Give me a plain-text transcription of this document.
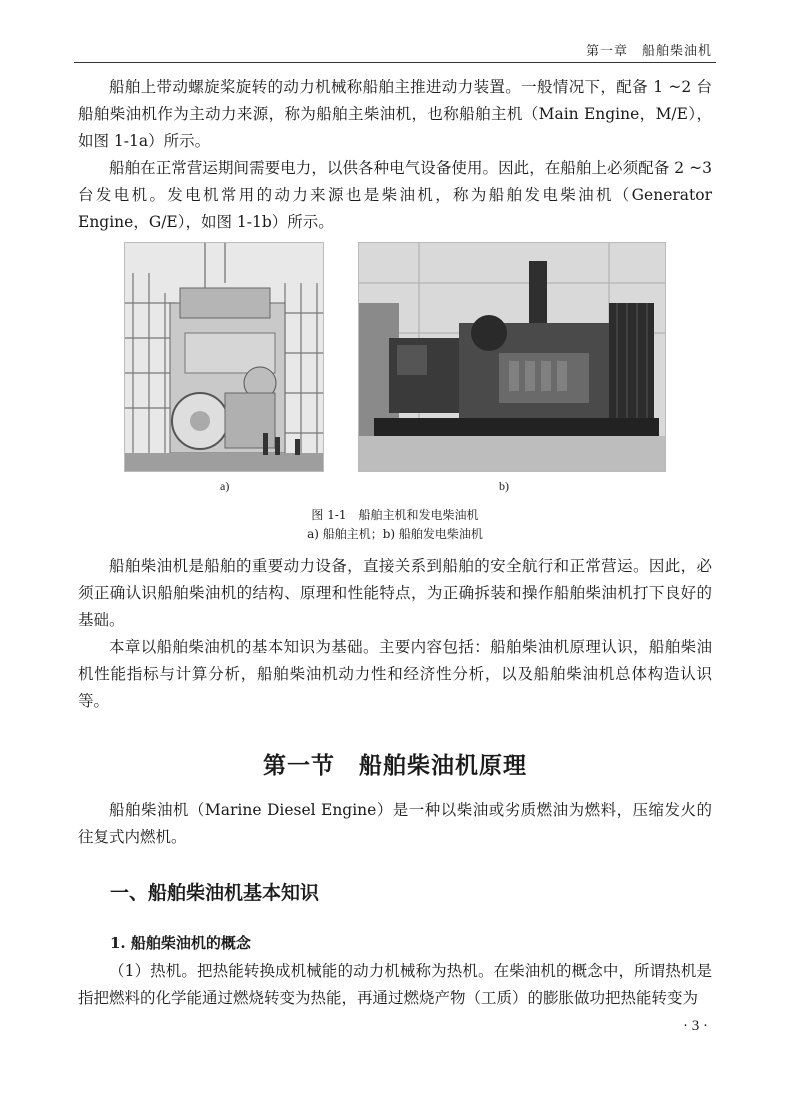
第一章　船舶柴油机

船舶上带动螺旋桨旋转的动力机械称船舶主推进动力装置。一般情况下，配备 1 ~2 台船舶柴油机作为主动力来源，称为船舶主柴油机，也称船舶主机（Main Engine，M/E），如图 1-1a）所示。

船舶在正常营运期间需要电力，以供各种电气设备使用。因此，在船舶上必须配备 2 ~3 台发电机。发电机常用的动力来源也是柴油机，称为船舶发电柴油机（Generator Engine，G/E），如图 1-1b）所示。

a)	b)

图 1-1　船舶主机和发电柴油机

a) 船舶主机；b) 船舶发电柴油机

船舶柴油机是船舶的重要动力设备，直接关系到船舶的安全航行和正常营运。因此，必须正确认识船舶柴油机的结构、原理和性能特点，为正确拆装和操作船舶柴油机打下良好的基础。

本章以船舶柴油机的基本知识为基础。主要内容包括：船舶柴油机原理认识，船舶柴油机性能指标与计算分析，船舶柴油机动力性和经济性分析，以及船舶柴油机总体构造认识等。

第一节　船舶柴油机原理

船舶柴油机（Marine Diesel Engine）是一种以柴油或劣质燃油为燃料，压缩发火的往复式内燃机。

一、船舶柴油机基本知识
1. 船舶柴油机的概念

（1）热机。把热能转换成机械能的动力机械称为热机。在柴油机的概念中，所谓热机是指把燃料的化学能通过燃烧转变为热能，再通过燃烧产物（工质）的膨胀做功把热能转变为

· 3 ·
